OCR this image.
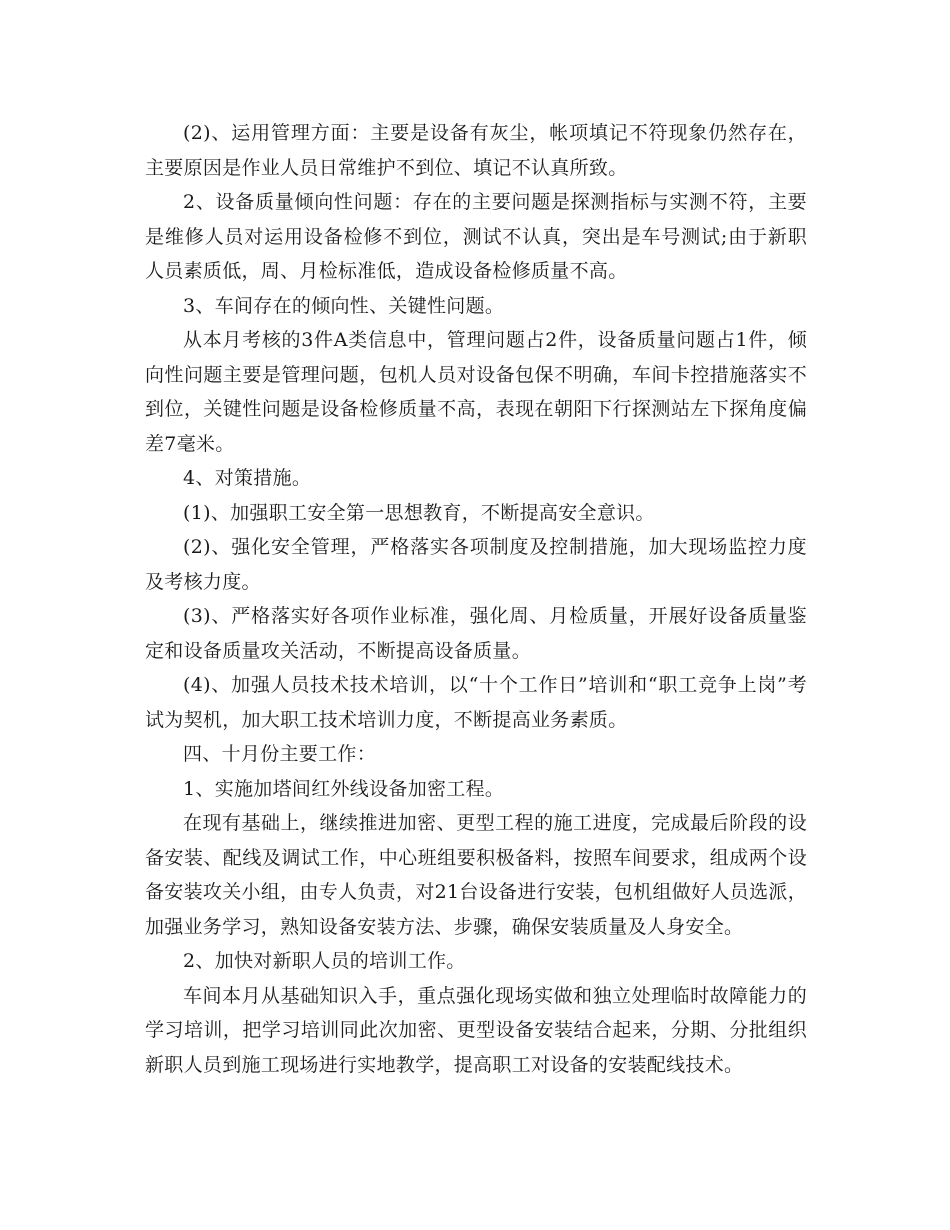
(2)、运用管理方面：主要是设备有灰尘，帐项填记不符现象仍然存在，主要原因是作业人员日常维护不到位、填记不认真所致。

2、设备质量倾向性问题：存在的主要问题是探测指标与实测不符，主要是维修人员对运用设备检修不到位，测试不认真，突出是车号测试;由于新职人员素质低，周、月检标准低，造成设备检修质量不高。

3、车间存在的倾向性、关键性问题。

从本月考核的3件A类信息中，管理问题占2件，设备质量问题占1件，倾向性问题主要是管理问题，包机人员对设备包保不明确，车间卡控措施落实不到位，关键性问题是设备检修质量不高，表现在朝阳下行探测站左下探角度偏差7毫米。

4、对策措施。

(1)、加强职工安全第一思想教育，不断提高安全意识。

(2)、强化安全管理，严格落实各项制度及控制措施，加大现场监控力度及考核力度。

(3)、严格落实好各项作业标准，强化周、月检质量，开展好设备质量鉴定和设备质量攻关活动，不断提高设备质量。

(4)、加强人员技术技术培训，以“十个工作日”培训和“职工竞争上岗”考试为契机，加大职工技术培训力度，不断提高业务素质。

四、十月份主要工作：

1、实施加塔间红外线设备加密工程。

在现有基础上，继续推进加密、更型工程的施工进度，完成最后阶段的设备安装、配线及调试工作，中心班组要积极备料，按照车间要求，组成两个设备安装攻关小组，由专人负责，对21台设备进行安装，包机组做好人员选派，加强业务学习，熟知设备安装方法、步骤，确保安装质量及人身安全。

2、加快对新职人员的培训工作。

车间本月从基础知识入手，重点强化现场实做和独立处理临时故障能力的学习培训，把学习培训同此次加密、更型设备安装结合起来，分期、分批组织新职人员到施工现场进行实地教学，提高职工对设备的安装配线技术。
